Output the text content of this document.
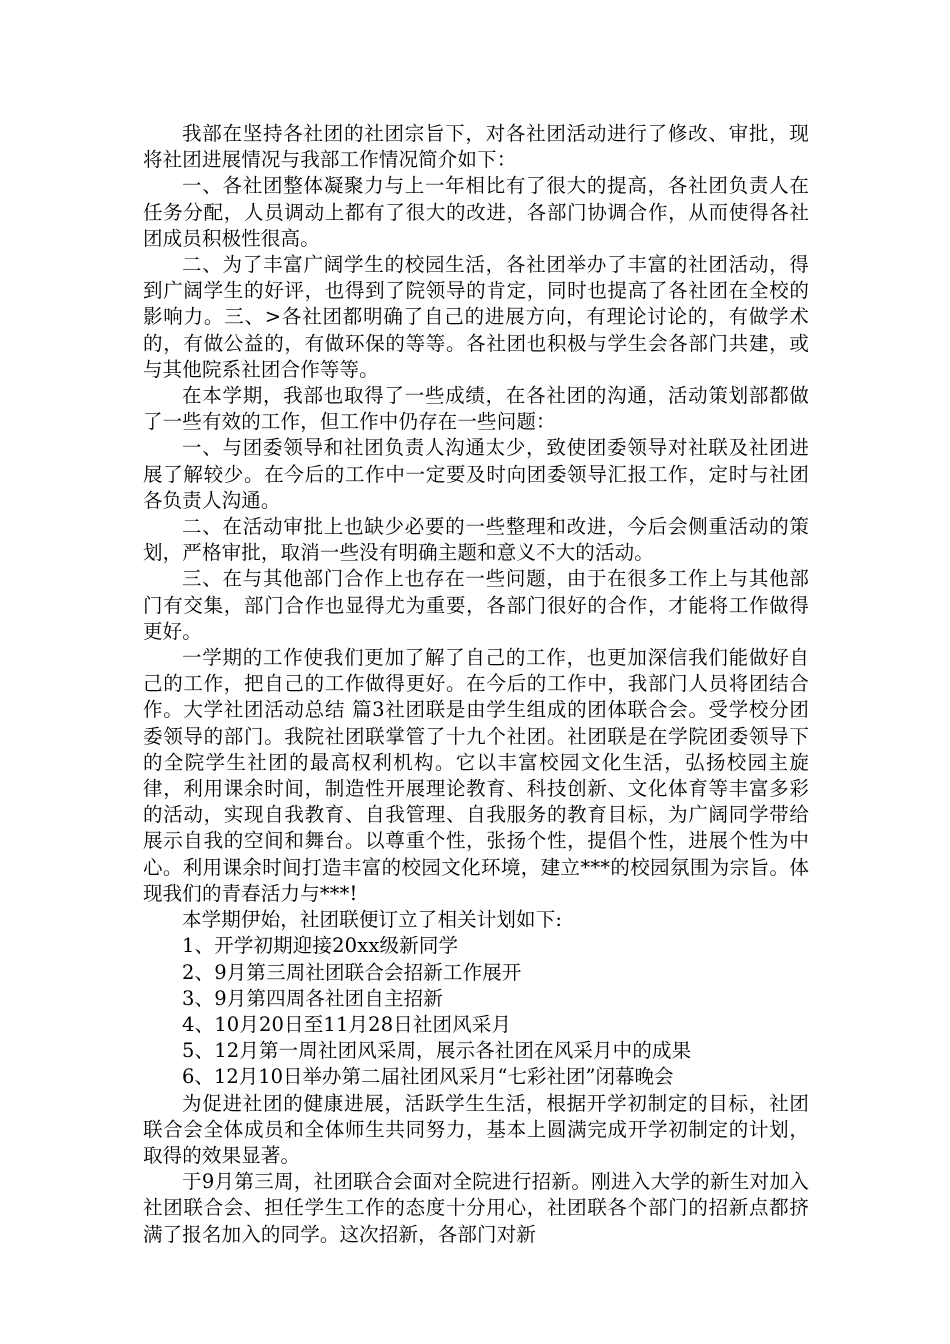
我部在坚持各社团的社团宗旨下，对各社团活动进行了修改、审批，现将社团进展情况与我部工作情况简介如下：

一、各社团整体凝聚力与上一年相比有了很大的提高，各社团负责人在任务分配，人员调动上都有了很大的改进，各部门协调合作，从而使得各社团成员积极性很高。

二、为了丰富广阔学生的校园生活，各社团举办了丰富的社团活动，得到广阔学生的好评，也得到了院领导的肯定，同时也提高了各社团在全校的影响力。三、>各社团都明确了自己的进展方向，有理论讨论的，有做学术的，有做公益的，有做环保的等等。各社团也积极与学生会各部门共建，或与其他院系社团合作等等。

在本学期，我部也取得了一些成绩，在各社团的沟通，活动策划部都做了一些有效的工作，但工作中仍存在一些问题：

一、与团委领导和社团负责人沟通太少，致使团委领导对社联及社团进展了解较少。在今后的工作中一定要及时向团委领导汇报工作，定时与社团各负责人沟通。

二、在活动审批上也缺少必要的一些整理和改进，今后会侧重活动的策划，严格审批，取消一些没有明确主题和意义不大的活动。

三、在与其他部门合作上也存在一些问题，由于在很多工作上与其他部门有交集，部门合作也显得尤为重要，各部门很好的合作，才能将工作做得更好。

一学期的工作使我们更加了解了自己的工作，也更加深信我们能做好自己的工作，把自己的工作做得更好。在今后的工作中，我部门人员将团结合作。大学社团活动总结 篇3社团联是由学生组成的团体联合会。受学校分团委领导的部门。我院社团联掌管了十九个社团。社团联是在学院团委领导下的全院学生社团的最高权利机构。它以丰富校园文化生活，弘扬校园主旋律，利用课余时间，制造性开展理论教育、科技创新、文化体育等丰富多彩的活动，实现自我教育、自我管理、自我服务的教育目标，为广阔同学带给展示自我的空间和舞台。以尊重个性，张扬个性，提倡个性，进展个性为中心。利用课余时间打造丰富的校园文化环境，建立***的校园氛围为宗旨。体现我们的青春活力与***!

本学期伊始，社团联便订立了相关计划如下:

1、开学初期迎接20xx级新同学

2、9月第三周社团联合会招新工作展开

3、9月第四周各社团自主招新

4、10月20日至11月28日社团风采月

5、12月第一周社团风采周，展示各社团在风采月中的成果

6、12月10日举办第二届社团风采月“七彩社团”闭幕晚会

为促进社团的健康进展，活跃学生生活，根据开学初制定的目标，社团联合会全体成员和全体师生共同努力，基本上圆满完成开学初制定的计划，取得的效果显著。

于9月第三周，社团联合会面对全院进行招新。刚进入大学的新生对加入社团联合会、担任学生工作的态度十分用心，社团联各个部门的招新点都挤满了报名加入的同学。这次招新，各部门对新
